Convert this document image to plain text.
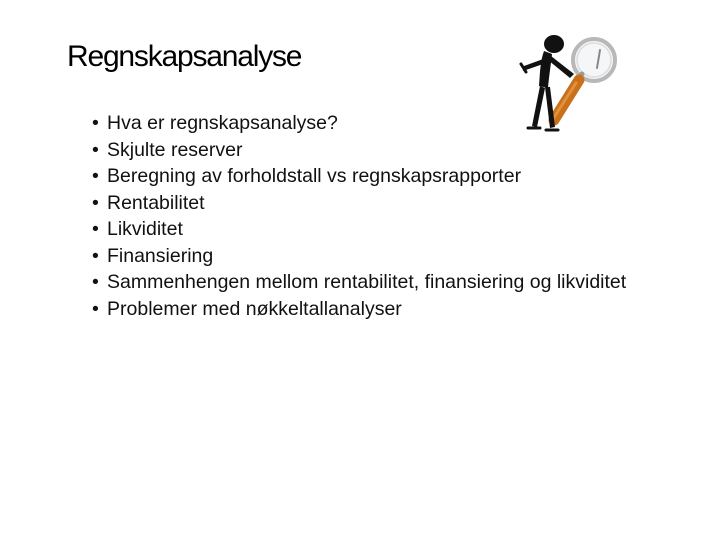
Regnskapsanalyse
• Hva er regnskapsanalyse?
• Skjulte reserver
• Beregning av forholdstall vs regnskapsrapporter
• Rentabilitet
• Likviditet
• Finansiering
• Sammenhengen mellom rentabilitet, finansiering og likviditet
• Problemer med nøkkeltallanalyser
